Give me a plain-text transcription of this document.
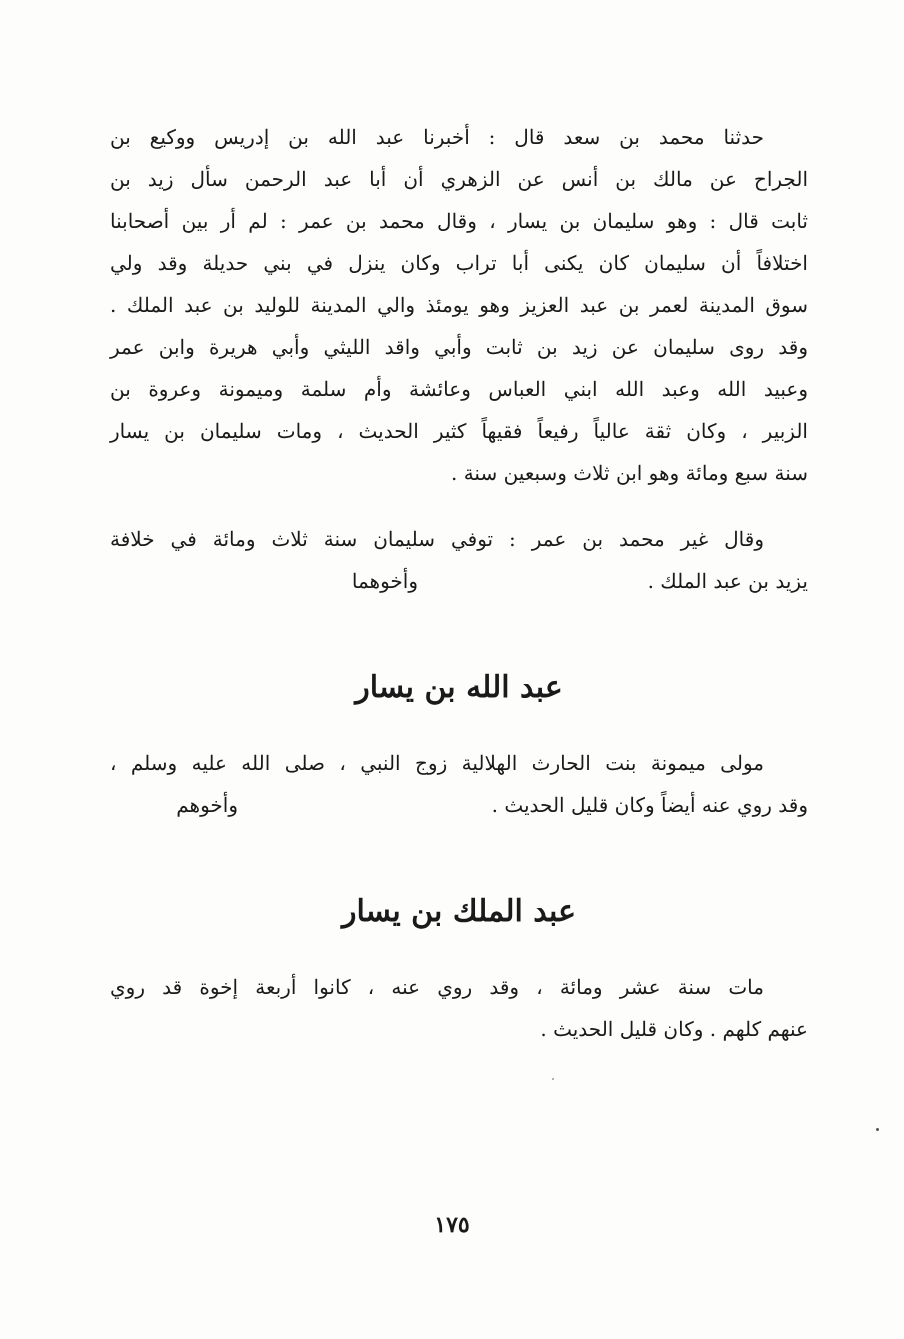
حدثنا محمد بن سعد قال : أخبرنا عبد الله بن إدريس ووكيع بن
الجراح عن مالك بن أنس عن الزهري أن أبا عبد الرحمن سأل زيد بن
ثابت قال : وهو سليمان بن يسار ، وقال محمد بن عمر : لم أر بين أصحابنا
اختلافاً أن سليمان كان يكنى أبا تراب وكان ينزل في بني حديلة وقد ولي
سوق المدينة لعمر بن عبد العزيز وهو يومئذ والي المدينة للوليد بن عبد الملك .
وقد روى سليمان عن زيد بن ثابت وأبي واقد الليثي وأبي هريرة وابن عمر
وعبيد الله وعبد الله ابني العباس وعائشة وأم سلمة وميمونة وعروة بن
الزبير ، وكان ثقة عالياً رفيعاً فقيهاً كثير الحديث ، ومات سليمان بن يسار
سنة سبع ومائة وهو ابن ثلاث وسبعين سنة .
وقال غير محمد بن عمر : توفي سليمان سنة ثلاث ومائة في خلافة
يزيد بن عبد الملك .
وأخوهما
عبد الله بن يسار
مولى ميمونة بنت الحارث الهلالية زوج النبي ، صلى الله عليه وسلم ،
وقد روي عنه أيضاً وكان قليل الحديث .
وأخوهم
عبد الملك بن يسار
مات سنة عشر ومائة ، وقد روي عنه ، كانوا أربعة إخوة قد روي
عنهم كلهم . وكان قليل الحديث .
١٧٥
